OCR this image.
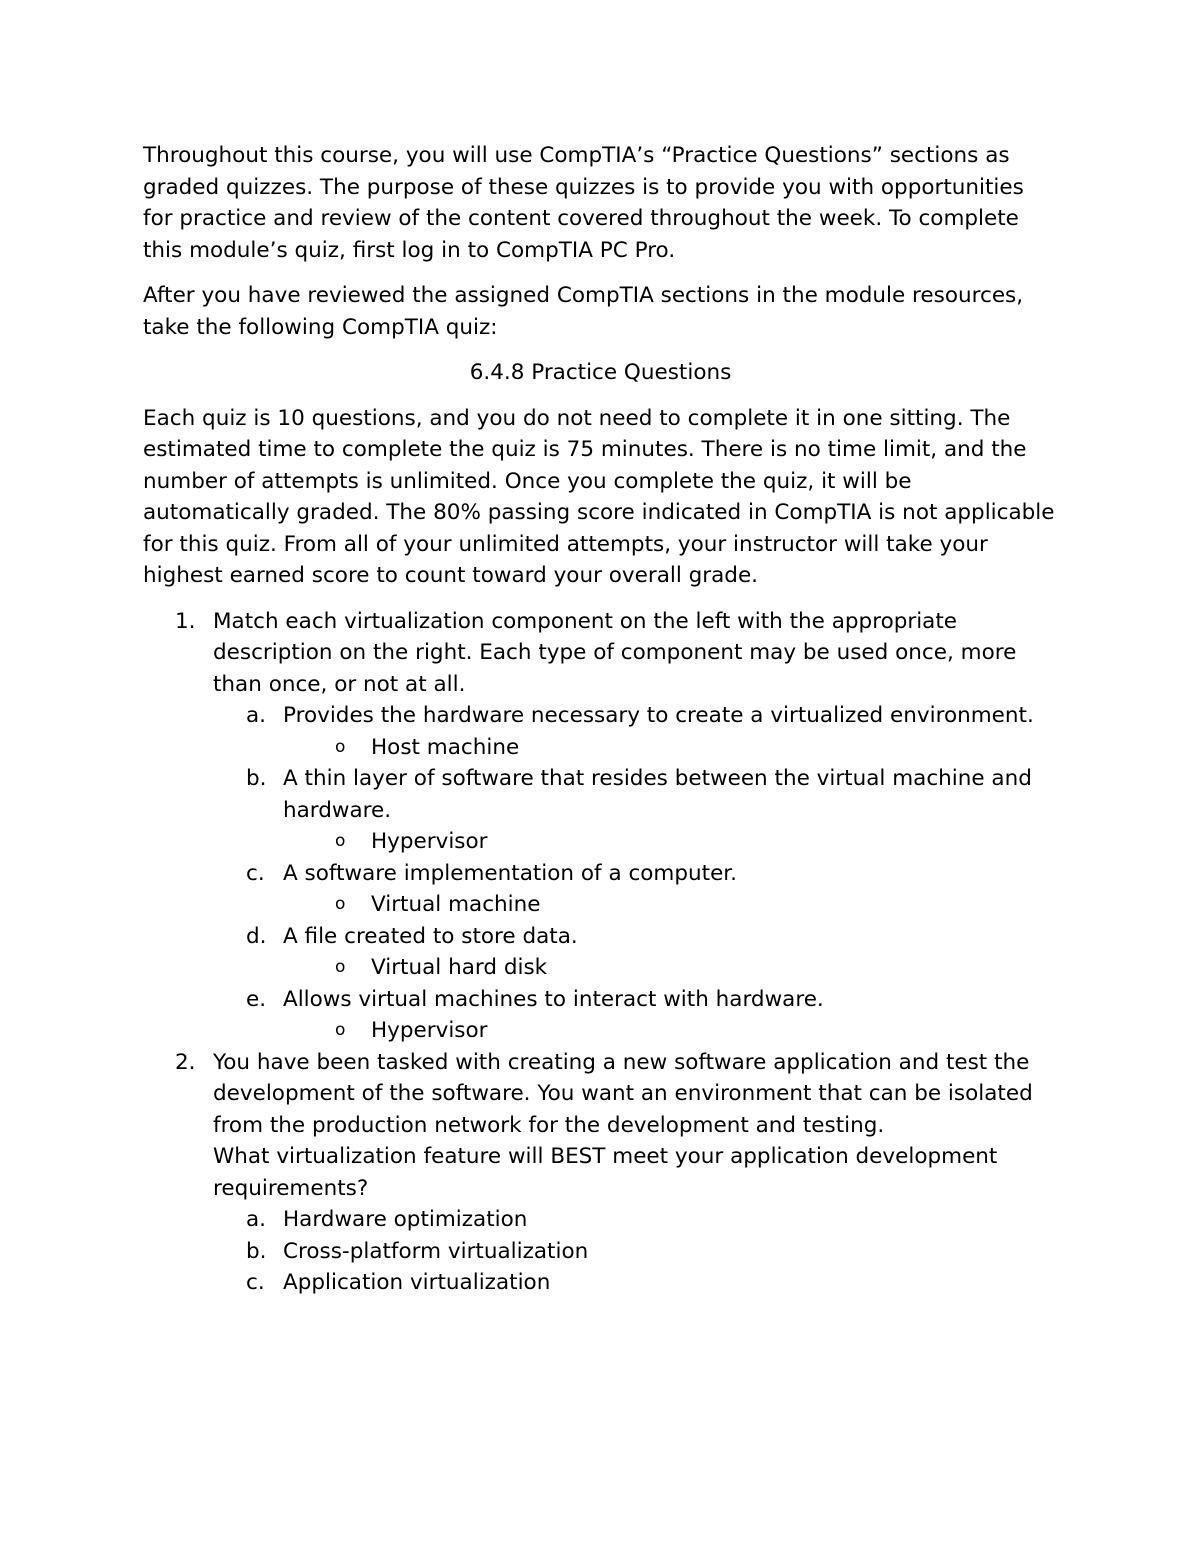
Throughout this course, you will use CompTIA’s “Practice Questions” sections as graded quizzes. The purpose of these quizzes is to provide you with opportunities for practice and review of the content covered throughout the week. To complete this module’s quiz, first log in to CompTIA PC Pro.

After you have reviewed the assigned CompTIA sections in the module resources, take the following CompTIA quiz:

6.4.8 Practice Questions

Each quiz is 10 questions, and you do not need to complete it in one sitting. The estimated time to complete the quiz is 75 minutes. There is no time limit, and the number of attempts is unlimited. Once you complete the quiz, it will be automatically graded. The 80% passing score indicated in CompTIA is not applicable for this quiz. From all of your unlimited attempts, your instructor will take your highest earned score to count toward your overall grade.

1. Match each virtualization component on the left with the appropriate description on the right. Each type of component may be used once, more than once, or not at all.

a. Provides the hardware necessary to create a virtualized environment.

o Host machine
b. A thin layer of software that resides between the virtual machine and hardware.

o Hypervisor
c. A software implementation of a computer.

o Virtual machine
d. A file created to store data.

o Virtual hard disk
e. Allows virtual machines to interact with hardware.

o Hypervisor
2. You have been tasked with creating a new software application and test the development of the software. You want an environment that can be isolated from the production network for the development and testing.

What virtualization feature will BEST meet your application development requirements?

a. Hardware optimization

b. Cross-platform virtualization

c. Application virtualization
